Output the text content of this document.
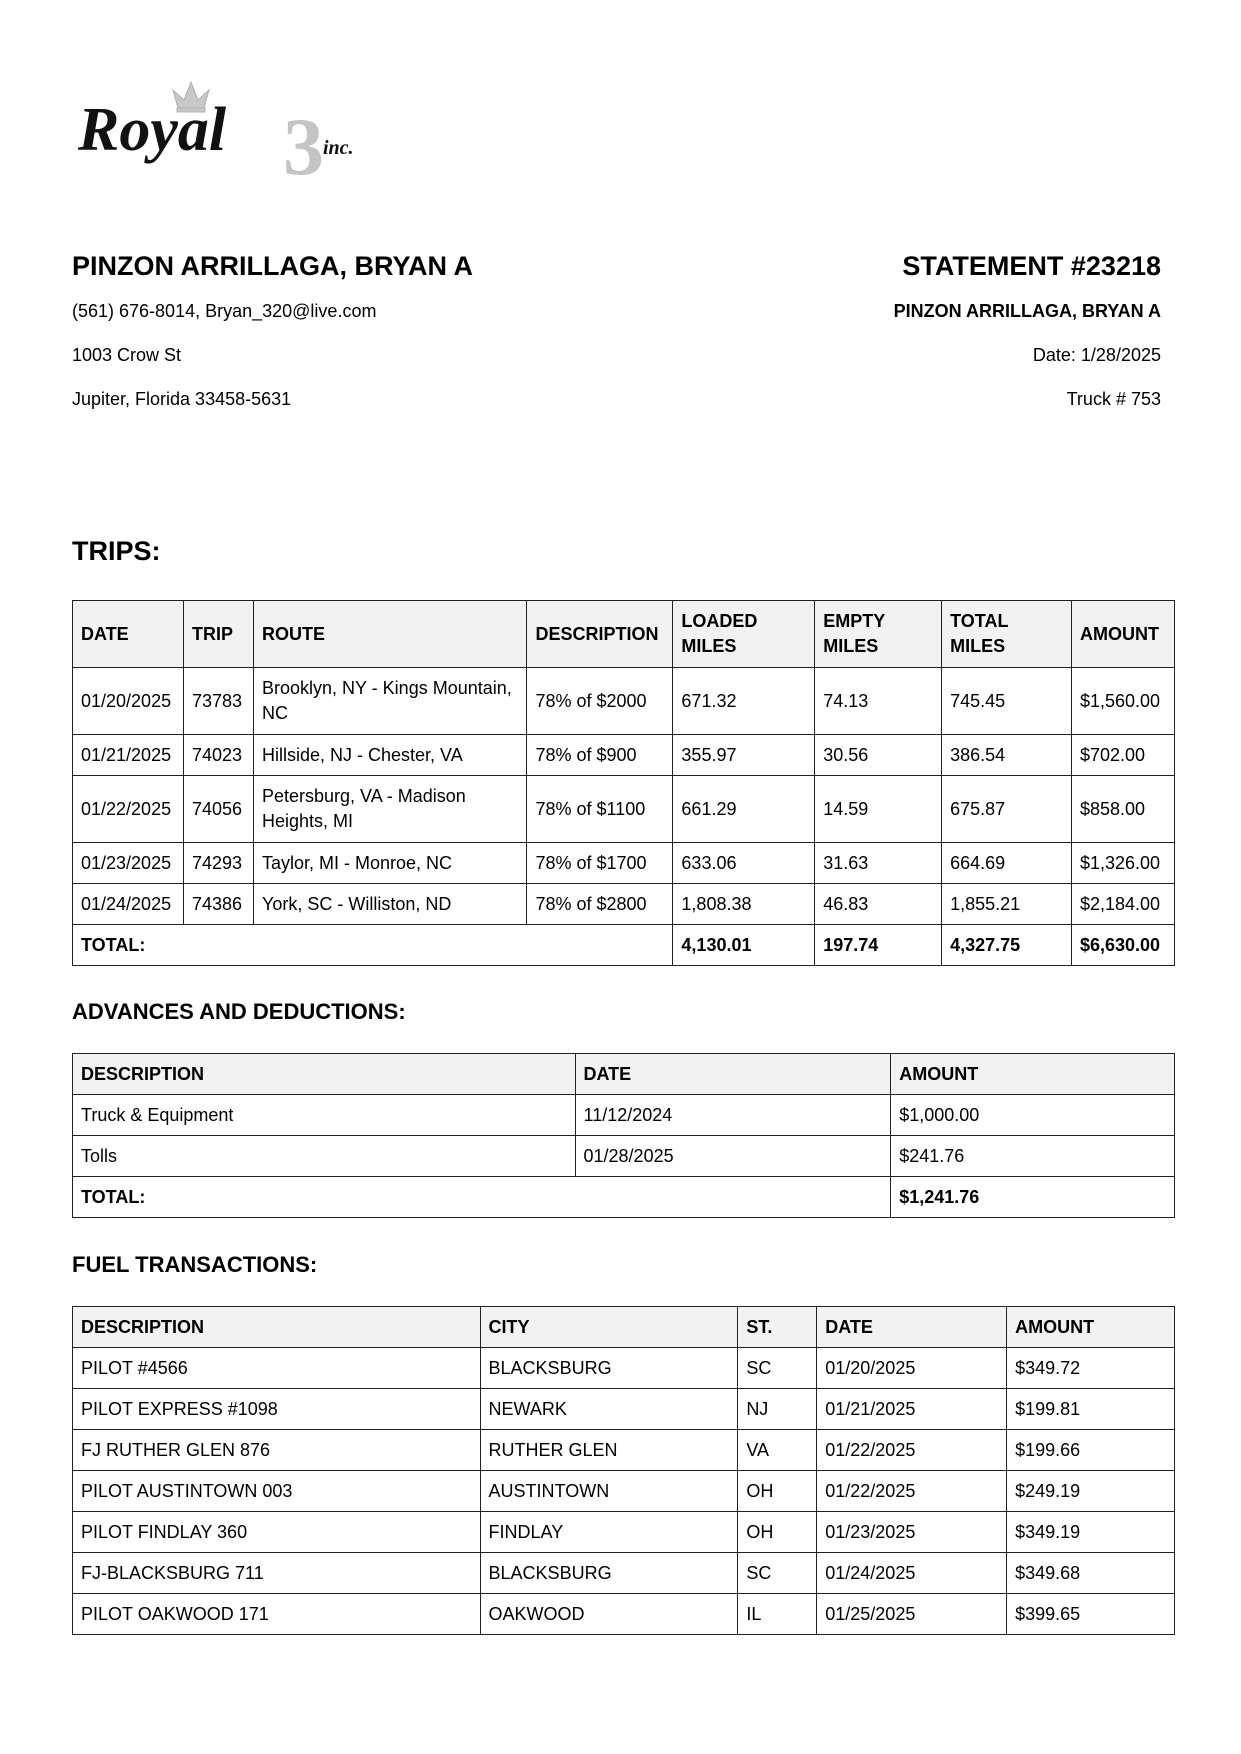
3
Royal	inc.
PINZON ARRILLAGA, BRYAN A
(561) 676-8014, Bryan_320@live.com
1003 Crow St
Jupiter, Florida 33458-5631
STATEMENT #23218
PINZON ARRILLAGA, BRYAN A
Date: 1/28/2025
Truck # 753
TRIPS:
DATE	TRIP	ROUTE	DESCRIPTION	LOADED MILES	EMPTY MILES	TOTAL MILES	AMOUNT
01/20/2025	73783	Brooklyn, NY - Kings Mountain, NC	78% of $2000	671.32	74.13	745.45	$1,560.00
01/21/2025	74023	Hillside, NJ - Chester, VA	78% of $900	355.97	30.56	386.54	$702.00
01/22/2025	74056	Petersburg, VA - Madison Heights, MI	78% of $1100	661.29	14.59	675.87	$858.00
01/23/2025	74293	Taylor, MI - Monroe, NC	78% of $1700	633.06	31.63	664.69	$1,326.00
01/24/2025	74386	York, SC - Williston, ND	78% of $2800	1,808.38	46.83	1,855.21	$2,184.00
TOTAL:				4,130.01	197.74	4,327.75	$6,630.00
ADVANCES AND DEDUCTIONS:
DESCRIPTION	DATE	AMOUNT
Truck & Equipment	11/12/2024	$1,000.00
Tolls	01/28/2025	$241.76
TOTAL:		$1,241.76
FUEL TRANSACTIONS:
DESCRIPTION	CITY	ST.	DATE	AMOUNT
PILOT #4566	BLACKSBURG	SC	01/20/2025	$349.72
PILOT EXPRESS #1098	NEWARK	NJ	01/21/2025	$199.81
FJ RUTHER GLEN 876	RUTHER GLEN	VA	01/22/2025	$199.66
PILOT AUSTINTOWN 003	AUSTINTOWN	OH	01/22/2025	$249.19
PILOT FINDLAY 360	FINDLAY	OH	01/23/2025	$349.19
FJ-BLACKSBURG 711	BLACKSBURG	SC	01/24/2025	$349.68
PILOT OAKWOOD 171	OAKWOOD	IL	01/25/2025	$399.65
